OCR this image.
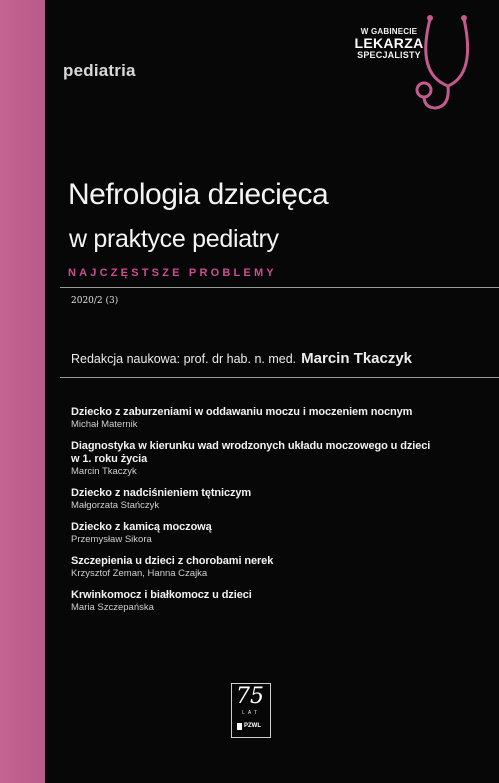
pediatria
W GABINECIE
LEKARZA
SPECJALISTY
Nefrologia dziecięca
w praktyce pediatry
NAJCZĘSTSZE PROBLEMY
2020/2 (3)
Redakcja naukowa: prof. dr hab. n. med. Marcin Tkaczyk
Dziecko z zaburzeniami w oddawaniu moczu i moczeniem nocnym
Michał Maternik
Diagnostyka w kierunku wad wrodzonych układu moczowego u dzieci w 1. roku życia
Marcin Tkaczyk
Dziecko z nadciśnieniem tętniczym
Małgorzata Stańczyk
Dziecko z kamicą moczową
Przemysław Sikora
Szczepienia u dzieci z chorobami nerek
Krzysztof Zeman, Hanna Czajka
Krwinkomocz i białkomocz u dzieci
Maria Szczepańska
75
LAT
PZWL
